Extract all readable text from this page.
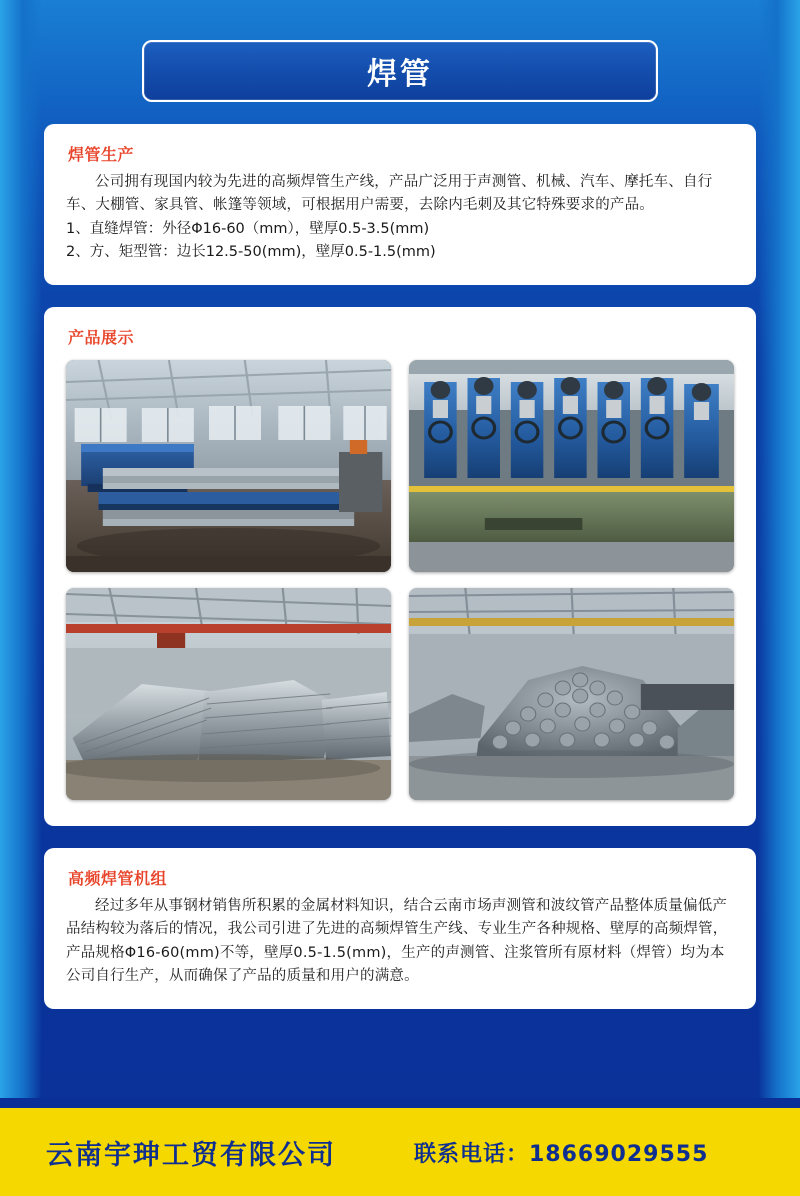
焊管
焊管生产

公司拥有现国内较为先进的高频焊管生产线，产品广泛用于声测管、机械、汽车、摩托车、自行车、大棚管、家具管、帐篷等领域，可根据用户需要，去除内毛刺及其它特殊要求的产品。

1、直缝焊管：外径Φ16-60（mm），壁厚0.5-3.5(mm)

2、方、矩型管：边长12.5-50(mm)，壁厚0.5-1.5(mm)

产品展示
高频焊管机组

经过多年从事钢材销售所积累的金属材料知识，结合云南市场声测管和波纹管产品整体质量偏低产品结构较为落后的情况，我公司引进了先进的高频焊管生产线、专业生产各种规格、壁厚的高频焊管，产品规格Φ16-60(mm)不等，壁厚0.5-1.5(mm)，生产的声测管、注浆管所有原材料（焊管）均为本公司自行生产，从而确保了产品的质量和用户的满意。

云南宇珅工贸有限公司	联系电话：18669029555
